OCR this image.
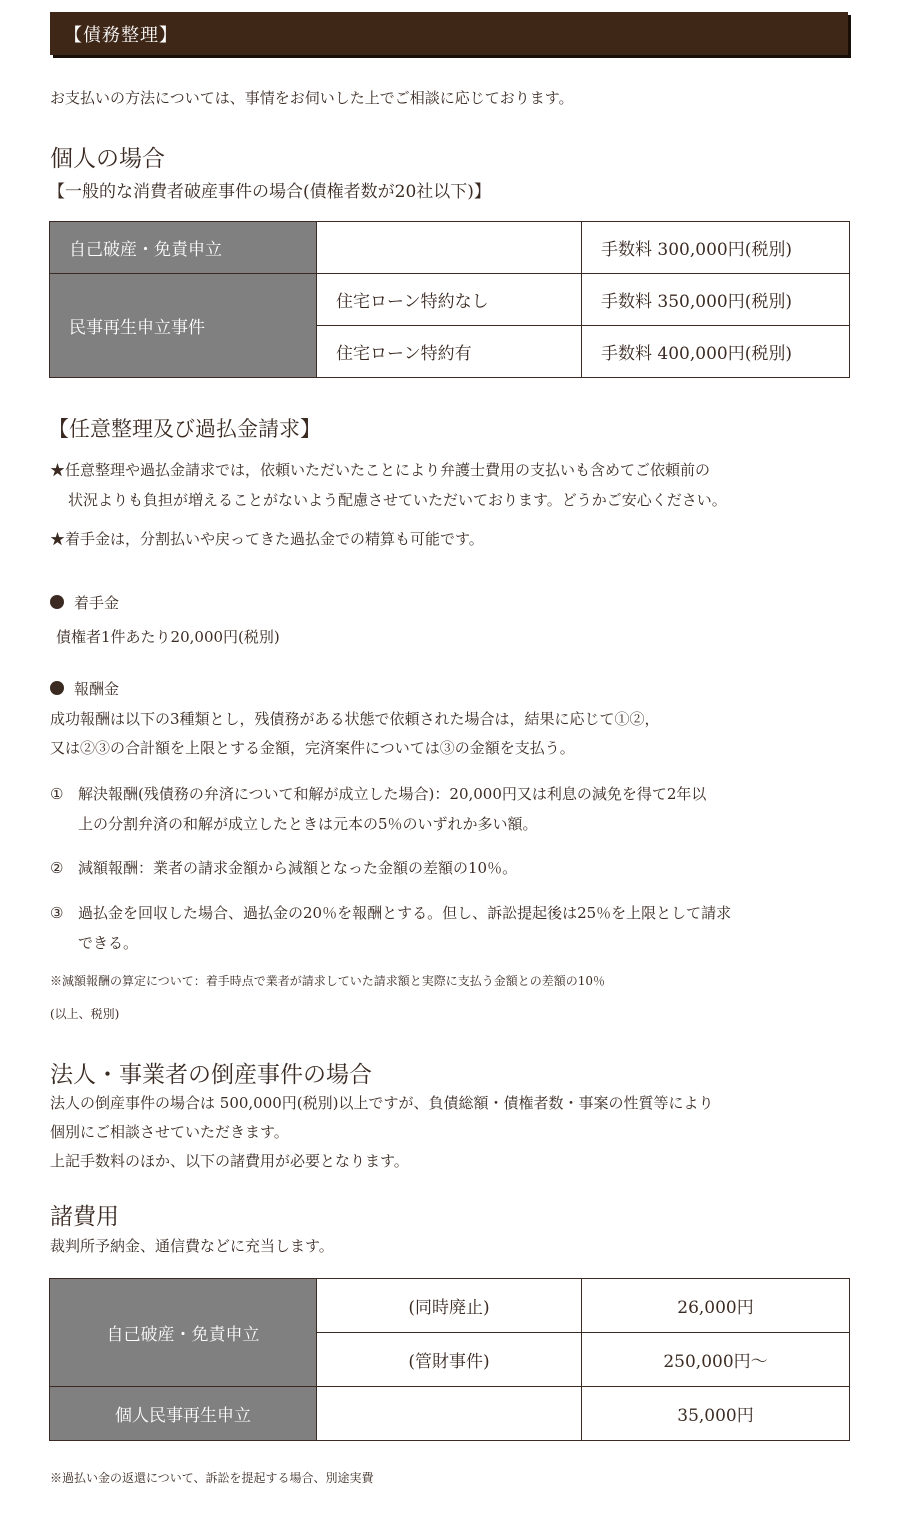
【債務整理】
お支払いの方法については、事情をお伺いした上でご相談に応じております。
個人の場合
【一般的な消費者破産事件の場合(債権者数が20社以下)】
自己破産・免責申立		手数料 300,000円(税別)
民事再生申立事件	住宅ローン特約なし	手数料 350,000円(税別)
	住宅ローン特約有	手数料 400,000円(税別)
【任意整理及び過払金請求】
★任意整理や過払金請求では，依頼いただいたことにより弁護士費用の支払いも含めてご依頼前の
状況よりも負担が増えることがないよう配慮させていただいております。どうかご安心ください。
★着手金は，分割払いや戻ってきた過払金での精算も可能です。
着手金
債権者1件あたり20,000円(税別)
報酬金
成功報酬は以下の3種類とし，残債務がある状態で依頼された場合は，結果に応じて①②，
又は②③の合計額を上限とする金額，完済案件については③の金額を支払う。
① 解決報酬(残債務の弁済について和解が成立した場合)：20,000円又は利息の減免を得て2年以
上の分割弁済の和解が成立したときは元本の5％のいずれか多い額。
② 減額報酬：業者の請求金額から減額となった金額の差額の10％。
③ 過払金を回収した場合、過払金の20％を報酬とする。但し、訴訟提起後は25％を上限として請求
できる。
※減額報酬の算定について：着手時点で業者が請求していた請求額と実際に支払う金額との差額の10％
(以上、税別)
法人・事業者の倒産事件の場合
法人の倒産事件の場合は 500,000円(税別)以上ですが、負債総額・債権者数・事案の性質等により
個別にご相談させていただきます。
上記手数料のほか、以下の諸費用が必要となります。
諸費用
裁判所予納金、通信費などに充当します。
自己破産・免責申立	(同時廃止)	26,000円
	(管財事件)	250,000円〜
個人民事再生申立		35,000円
※過払い金の返還について、訴訟を提起する場合、別途実費
